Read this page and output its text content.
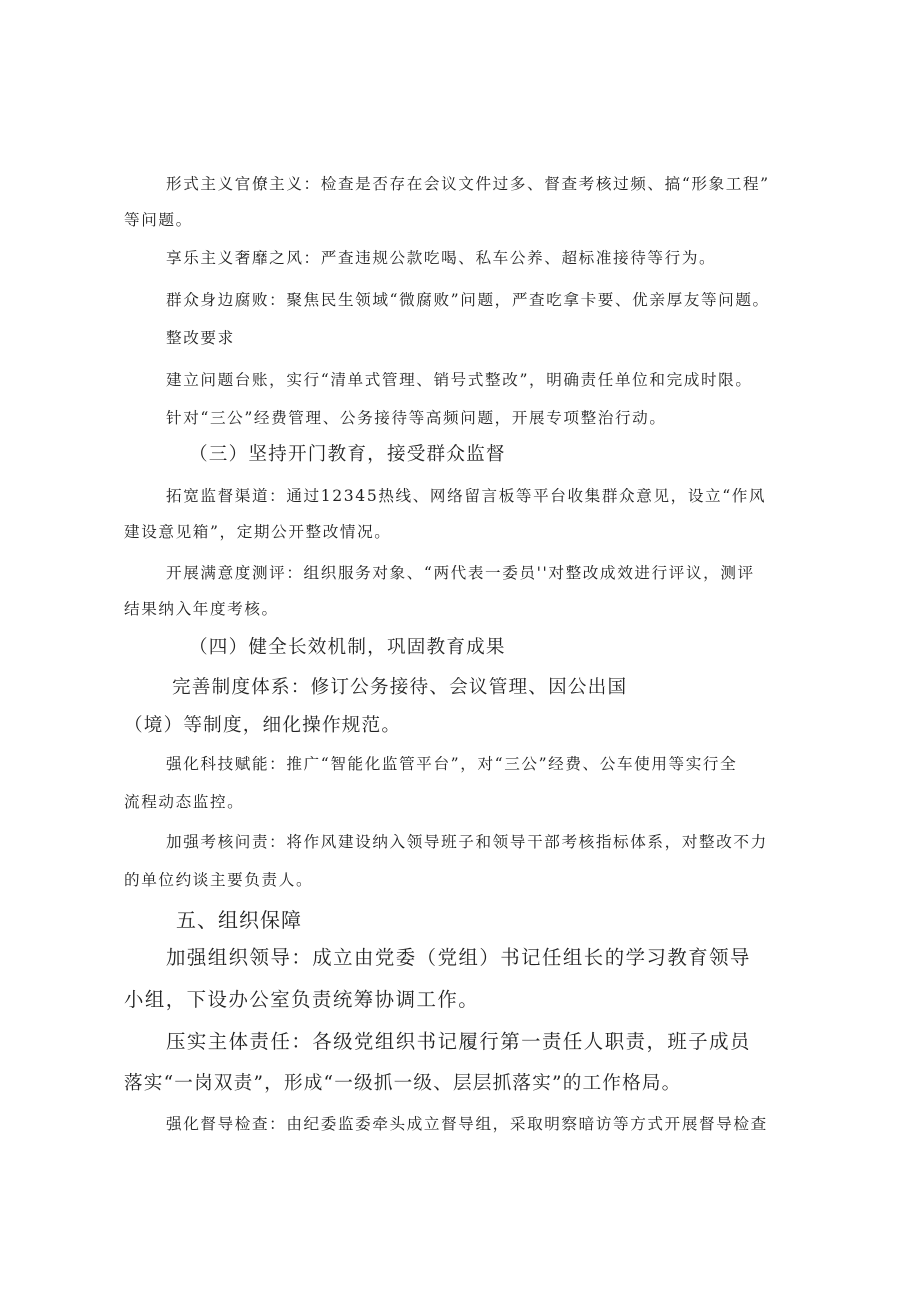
形式主义官僚主义：检查是否存在会议文件过多、督查考核过频、搞“形象工程”
等问题。
享乐主义奢靡之风：严查违规公款吃喝、私车公养、超标准接待等行为。
群众身边腐败：聚焦民生领域“微腐败”问题，严查吃拿卡要、优亲厚友等问题。
整改要求
建立问题台账，实行“清单式管理、销号式整改”，明确责任单位和完成时限。
针对“三公”经费管理、公务接待等高频问题，开展专项整治行动。
（三）坚持开门教育，接受群众监督
拓宽监督渠道：通过12345热线、网络留言板等平台收集群众意见，设立“作风
建设意见箱”，定期公开整改情况。
开展满意度测评：组织服务对象、“两代表一委员''对整改成效进行评议，测评
结果纳入年度考核。
（四）健全长效机制，巩固教育成果
完善制度体系：修订公务接待、会议管理、因公出国
（境）等制度，细化操作规范。
强化科技赋能：推广“智能化监管平台”，对“三公”经费、公车使用等实行全
流程动态监控。
加强考核问责：将作风建设纳入领导班子和领导干部考核指标体系，对整改不力
的单位约谈主要负责人。
五、组织保障
加强组织领导：成立由党委（党组）书记任组长的学习教育领导
小组，下设办公室负责统筹协调工作。
压实主体责任：各级党组织书记履行第一责任人职责，班子成员
落实“一岗双责”，形成“一级抓一级、层层抓落实”的工作格局。
强化督导检查：由纪委监委牵头成立督导组，采取明察暗访等方式开展督导检查
